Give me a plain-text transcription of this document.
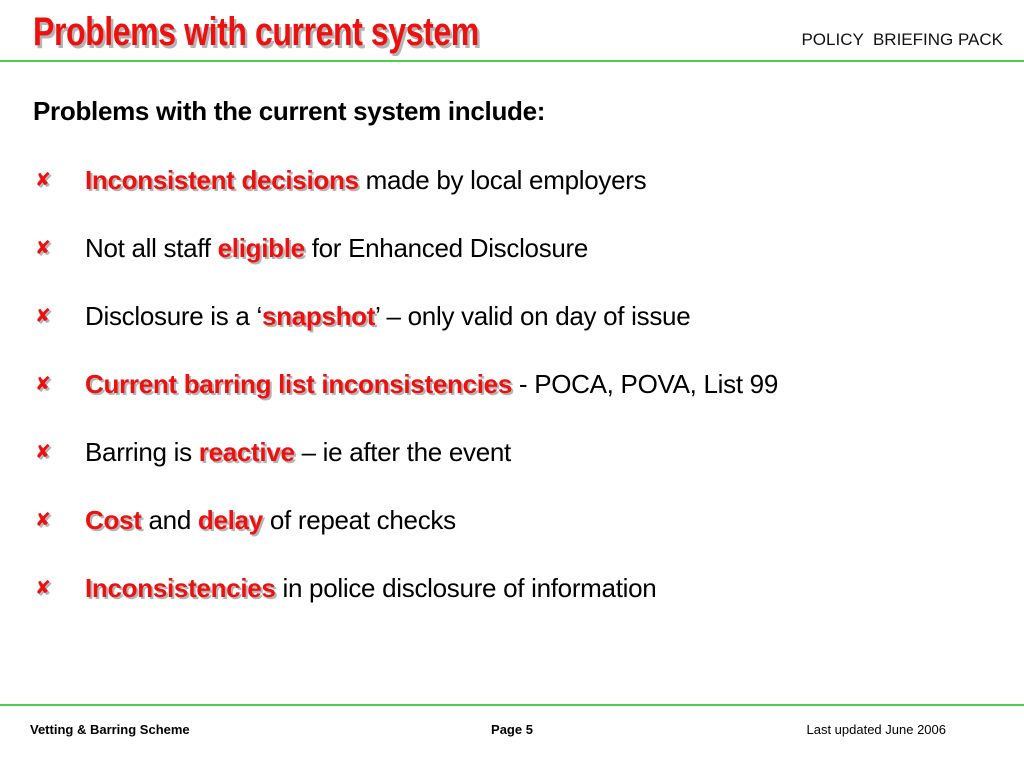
Problems with current system	POLICY  BRIEFING PACK
Problems with the current system include:
✘ Inconsistent decisions made by local employers
✘ Not all staff eligible for Enhanced Disclosure
✘ Disclosure is a ‘snapshot’ – only valid on day of issue
✘ Current barring list inconsistencies - POCA, POVA, List 99
✘ Barring is reactive – ie after the event
✘ Cost and delay of repeat checks
✘ Inconsistencies in police disclosure of information
Vetting & Barring Scheme	Page 5	Last updated June 2006
